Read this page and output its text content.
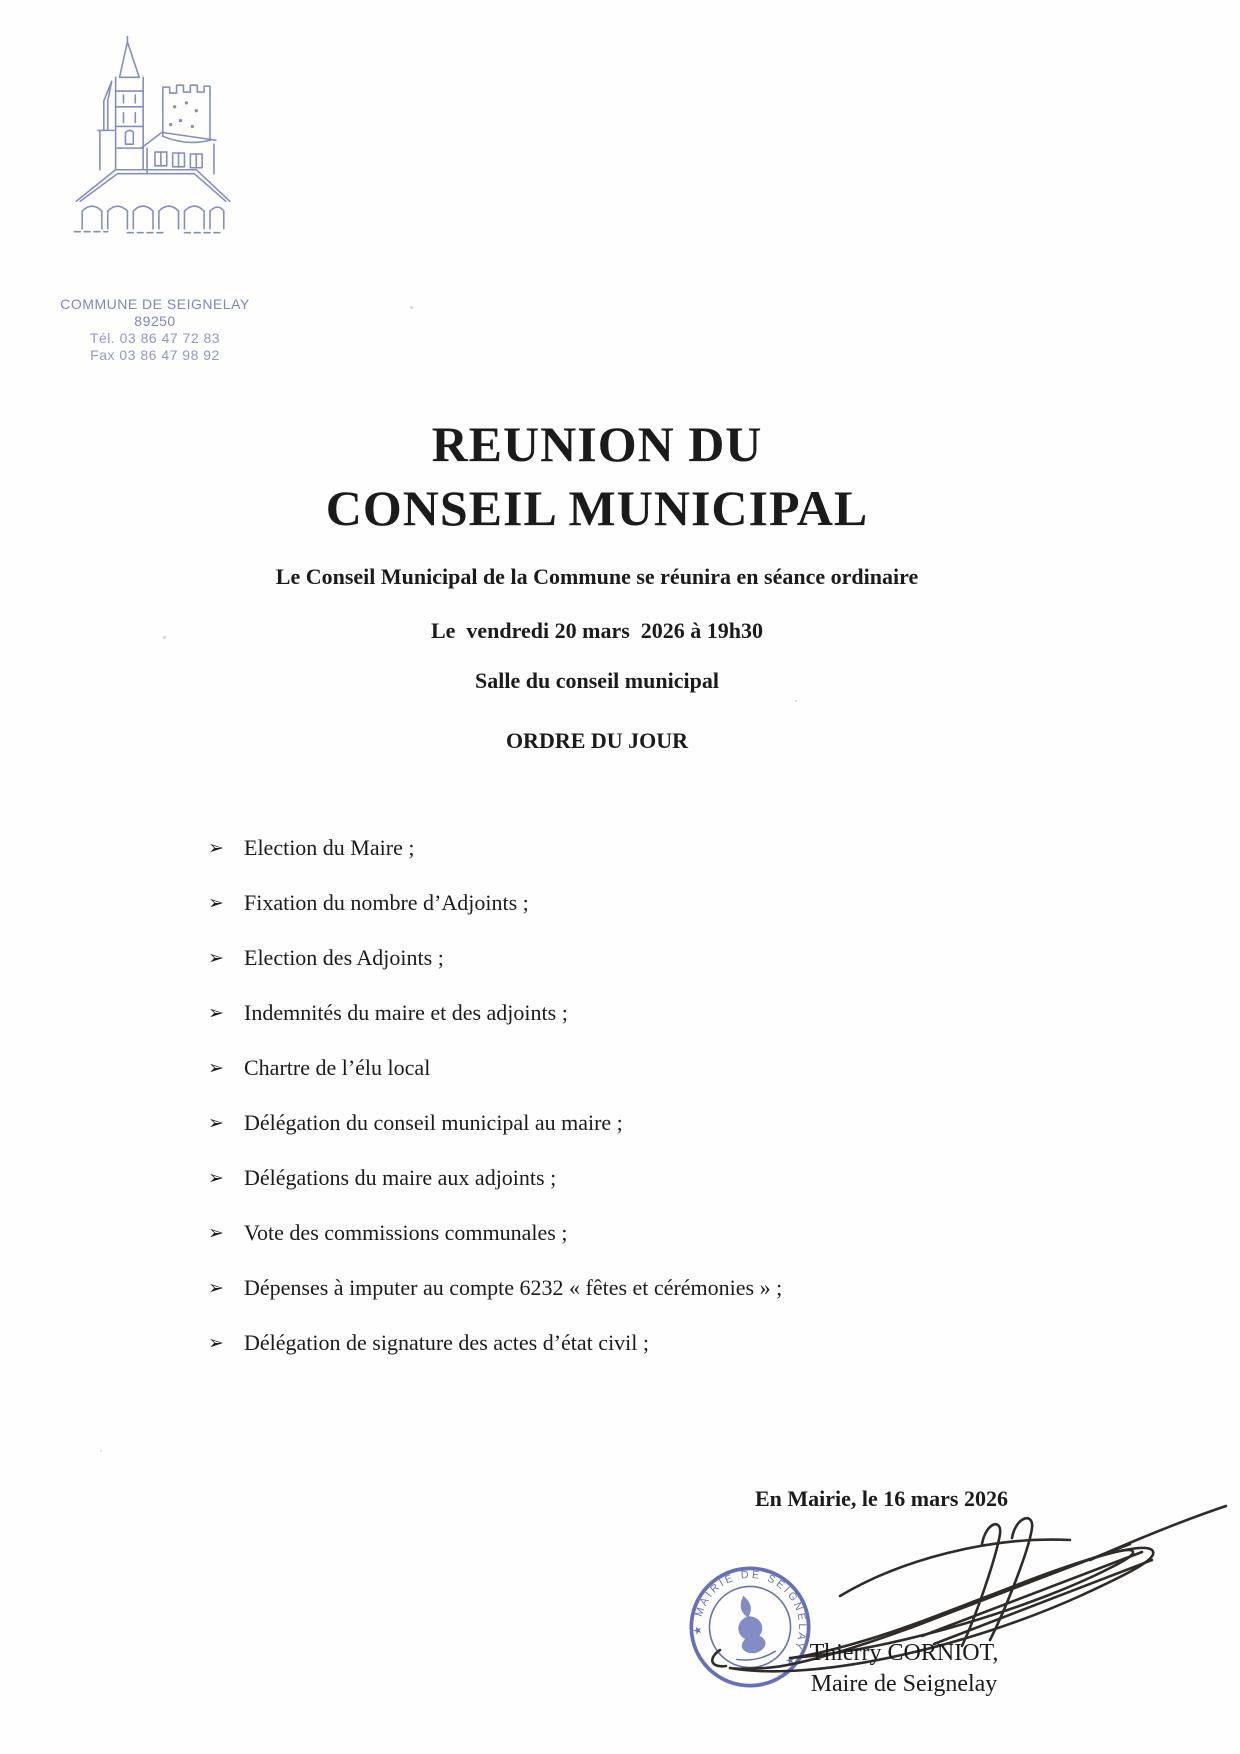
COMMUNE DE SEIGNELAY
89250
Tél. 03 86 47 72 83
Fax 03 86 47 98 92
REUNION DU
CONSEIL MUNICIPAL
Le Conseil Municipal de la Commune se réunira en séance ordinaire
Le  vendredi 20 mars  2026 à 19h30
Salle du conseil municipal
ORDRE DU JOUR
➢ Election du Maire ;
➢ Fixation du nombre d’Adjoints ;
➢ Election des Adjoints ;
➢ Indemnités du maire et des adjoints ;
➢ Chartre de l’élu local
➢ Délégation du conseil municipal au maire ;
➢ Délégations du maire aux adjoints ;
➢ Vote des commissions communales ;
➢ Dépenses à imputer au compte 6232 « fêtes et cérémonies » ;
➢ Délégation de signature des actes d’état civil ;
En Mairie, le 16 mars 2026
★ MAIRIE DE SEIGNELAY ★ Thierry CORNIOT,
Maire de Seignelay
